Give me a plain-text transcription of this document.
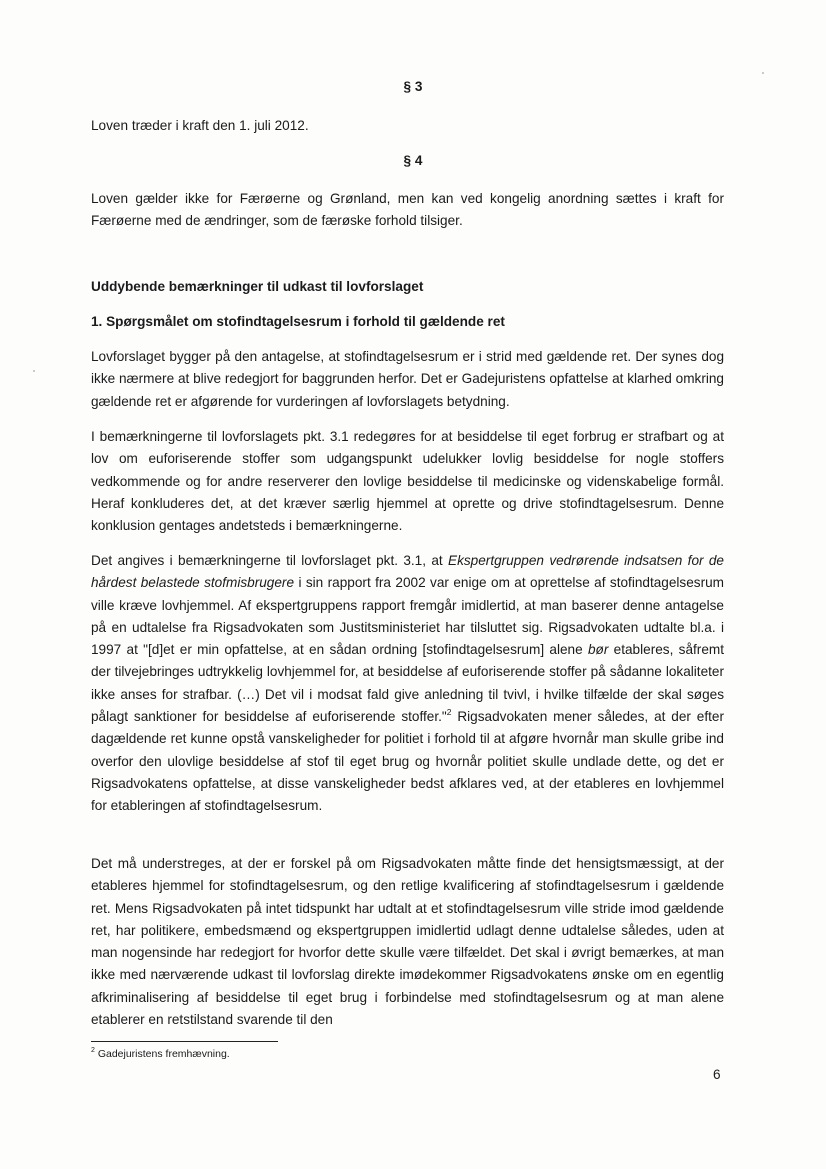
§ 3
Loven træder i kraft den 1. juli 2012.
§ 4
Loven gælder ikke for Færøerne og Grønland, men kan ved kongelig anordning sættes i kraft for Færøerne med de ændringer, som de færøske forhold tilsiger.
Uddybende bemærkninger til udkast til lovforslaget
1. Spørgsmålet om stofindtagelsesrum i forhold til gældende ret
Lovforslaget bygger på den antagelse, at stofindtagelsesrum er i strid med gældende ret. Der synes dog ikke nærmere at blive redegjort for baggrunden herfor. Det er Gadejuristens opfattelse at klarhed omkring gældende ret er afgørende for vurderingen af lovforslagets betydning.
I bemærkningerne til lovforslagets pkt. 3.1 redegøres for at besiddelse til eget forbrug er strafbart og at lov om euforiserende stoffer som udgangspunkt udelukker lovlig besiddelse for nogle stoffers vedkommende og for andre reserverer den lovlige besiddelse til medicinske og videnskabelige formål. Heraf konkluderes det, at det kræver særlig hjemmel at oprette og drive stofindtagelsesrum. Denne konklusion gentages andetsteds i bemærkningerne.
Det angives i bemærkningerne til lovforslaget pkt. 3.1, at Ekspertgruppen vedrørende indsatsen for de hårdest belastede stofmisbrugere i sin rapport fra 2002 var enige om at oprettelse af stofindtagelsesrum ville kræve lovhjemmel. Af ekspertgruppens rapport fremgår imidlertid, at man baserer denne antagelse på en udtalelse fra Rigsadvokaten som Justitsministeriet har tilsluttet sig. Rigsadvokaten udtalte bl.a. i 1997 at "[d]et er min opfattelse, at en sådan ordning [stofindtagelsesrum] alene bør etableres, såfremt der tilvejebringes udtrykkelig lovhjemmel for, at besiddelse af euforiserende stoffer på sådanne lokaliteter ikke anses for strafbar. (…) Det vil i modsat fald give anledning til tvivl, i hvilke tilfælde der skal søges pålagt sanktioner for besiddelse af euforiserende stoffer."$^2$ Rigsadvokaten mener således, at der efter dagældende ret kunne opstå vanskeligheder for politiet i forhold til at afgøre hvornår man skulle gribe ind overfor den ulovlige besiddelse af stof til eget brug og hvornår politiet skulle undlade dette, og det er Rigsadvokatens opfattelse, at disse vanskeligheder bedst afklares ved, at der etableres en lovhjemmel for etableringen af stofindtagelsesrum.
Det må understreges, at der er forskel på om Rigsadvokaten måtte finde det hensigtsmæssigt, at der etableres hjemmel for stofindtagelsesrum, og den retlige kvalificering af stofindtagelsesrum i gældende ret. Mens Rigsadvokaten på intet tidspunkt har udtalt at et stofindtagelsesrum ville stride imod gældende ret, har politikere, embedsmænd og ekspertgruppen imidlertid udlagt denne udtalelse således, uden at man nogensinde har redegjort for hvorfor dette skulle være tilfældet. Det skal i øvrigt bemærkes, at man ikke med nærværende udkast til lovforslag direkte imødekommer Rigsadvokatens ønske om en egentlig afkriminalisering af besiddelse til eget brug i forbindelse med stofindtagelsesrum og at man alene etablerer en retstilstand svarende til den
$^2$ Gadejuristens fremhævning.
6
